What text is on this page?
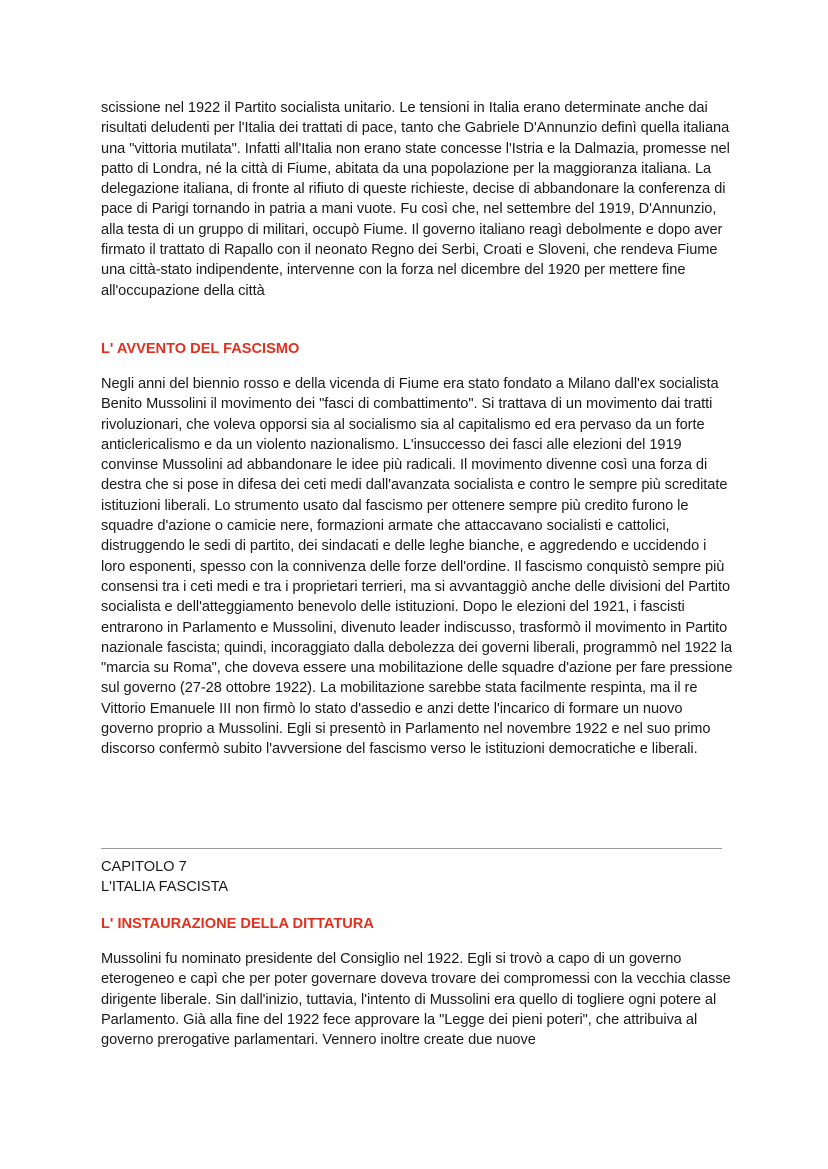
scissione nel 1922 il Partito socialista unitario. Le tensioni in Italia erano determinate anche dai risultati deludenti per l'Italia dei trattati di pace, tanto che Gabriele D'Annunzio definì quella italiana una "vittoria mutilata". Infatti all'Italia non erano state concesse l'Istria e la Dalmazia, promesse nel patto di Londra, né la città di Fiume, abitata da una popolazione per la maggioranza italiana. La delegazione italiana, di fronte al rifiuto di queste richieste, decise di abbandonare la conferenza di pace di Parigi tornando in patria a mani vuote. Fu così che, nel settembre del 1919, D'Annunzio, alla testa di un gruppo di militari, occupò Fiume. Il governo italiano reagì debolmente e dopo aver firmato il trattato di Rapallo con il neonato Regno dei Serbi, Croati e Sloveni, che rendeva Fiume una città-stato indipendente, intervenne con la forza nel dicembre del 1920 per mettere fine all'occupazione della città

L' AVVENTO DEL FASCISMO

Negli anni del biennio rosso e della vicenda di Fiume era stato fondato a Milano dall'ex socialista Benito Mussolini il movimento dei "fasci di combattimento". Si trattava di un movimento dai tratti rivoluzionari, che voleva opporsi sia al socialismo sia al capitalismo ed era pervaso da un forte anticlericalismo e da un violento nazionalismo. L'insuccesso dei fasci alle elezioni del 1919 convinse Mussolini ad abbandonare le idee più radicali. Il movimento divenne così una forza di destra che si pose in difesa dei ceti medi dall'avanzata socialista e contro le sempre più screditate istituzioni liberali. Lo strumento usato dal fascismo per ottenere sempre più credito furono le squadre d'azione o camicie nere, formazioni armate che attaccavano socialisti e cattolici, distruggendo le sedi di partito, dei sindacati e delle leghe bianche, e aggredendo e uccidendo i loro esponenti, spesso con la connivenza delle forze dell'ordine. Il fascismo conquistò sempre più consensi tra i ceti medi e tra i proprietari terrieri, ma si avvantaggiò anche delle divisioni del Partito socialista e dell'atteggiamento benevolo delle istituzioni. Dopo le elezioni del 1921, i fascisti entrarono in Parlamento e Mussolini, divenuto leader indiscusso, trasformò il movimento in Partito nazionale fascista; quindi, incoraggiato dalla debolezza dei governi liberali, programmò nel 1922 la "marcia su Roma", che doveva essere una mobilitazione delle squadre d'azione per fare pressione sul governo (27-28 ottobre 1922). La mobilitazione sarebbe stata facilmente respinta, ma il re Vittorio Emanuele III non firmò lo stato d'assedio e anzi dette l'incarico di formare un nuovo governo proprio a Mussolini. Egli si presentò in Parlamento nel novembre 1922 e nel suo primo discorso confermò subito l'avversione del fascismo verso le istituzioni democratiche e liberali.

CAPITOLO 7
L'ITALIA FASCISTA
L' INSTAURAZIONE DELLA DITTATURA

Mussolini fu nominato presidente del Consiglio nel 1922. Egli si trovò a capo di un governo eterogeneo e capì che per poter governare doveva trovare dei compromessi con la vecchia classe dirigente liberale. Sin dall'inizio, tuttavia, l'intento di Mussolini era quello di togliere ogni potere al Parlamento. Già alla fine del 1922 fece approvare la "Legge dei pieni poteri", che attribuiva al governo prerogative parlamentari. Vennero inoltre create due nuove
